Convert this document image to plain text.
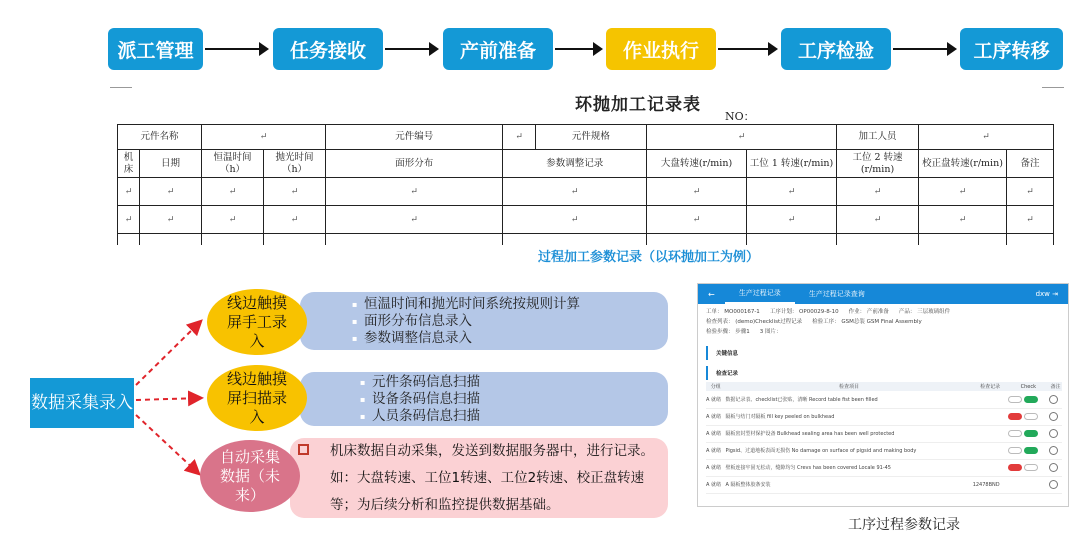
派工管理	任务接收	产前准备	作业执行	工序检验	工序转移
环抛加工记录表
NO：
元件名称		↵		元件编号	↵	元件规格	↵		加工人员	↵	
机床	日期	恒温时间（h）	抛光时间（h）	面形分布	参数调整记录		大盘转速(r/min)	工位 1 转速(r/min)	工位 2 转速(r/min)	校正盘转速(r/min)	备注
↵	↵	↵	↵	↵	↵		↵	↵	↵	↵	↵
↵	↵	↵	↵	↵	↵		↵	↵	↵	↵	↵

过程加工参数记录（以环抛加工为例）
数据采集录入
线边触摸屏手工录入
▪ 恒温时间和抛光时间系统按规则计算
▪ 面形分布信息录入
▪ 参数调整信息录入
线边触摸屏扫描录入
▪ 元件条码信息扫描
▪ 设备条码信息扫描
▪ 人员条码信息扫描
自动采集数据（未来）
机床数据自动采集，发送到数据服务器中，进行记录。如：大盘转速、工位1转速、工位2转速、校正盘转速等；为后续分析和监控提供数据基础。
←	生产过程记录	生产过程记录查询	dxw ⇥
工单： MO000167-1 工序计划： OP00029-8-10 作业： 产前准备 产品： 三层玻璃组件
检查列表： (demo)Checklist过程记录 检验工序： GSM总装 GSM Final Assembly
检验步骤： 步骤1 3 图片：
关键信息
检查记录
分组	检查项目	检查记录	Check	备注
A 就绪	数据记录表、checklist已张贴，清晰 Record table fist been filled			
A 就绪	隔板与结门对隔板 fill key peeled on bulkhead			
A 就绪	隔板密封型材保护设备 Bulkhead sealing area has been well protected			
A 就绪	Pigsid、过道地板表面无损伤 No damage on surface of pigsid and making body			
A 就绪	壁板连接牢固无松动，缝隙均匀 Crevs has been covered Locale 91-45			
A 就绪	A 隔板整体胶条安装	12478BND		
工序过程参数记录
